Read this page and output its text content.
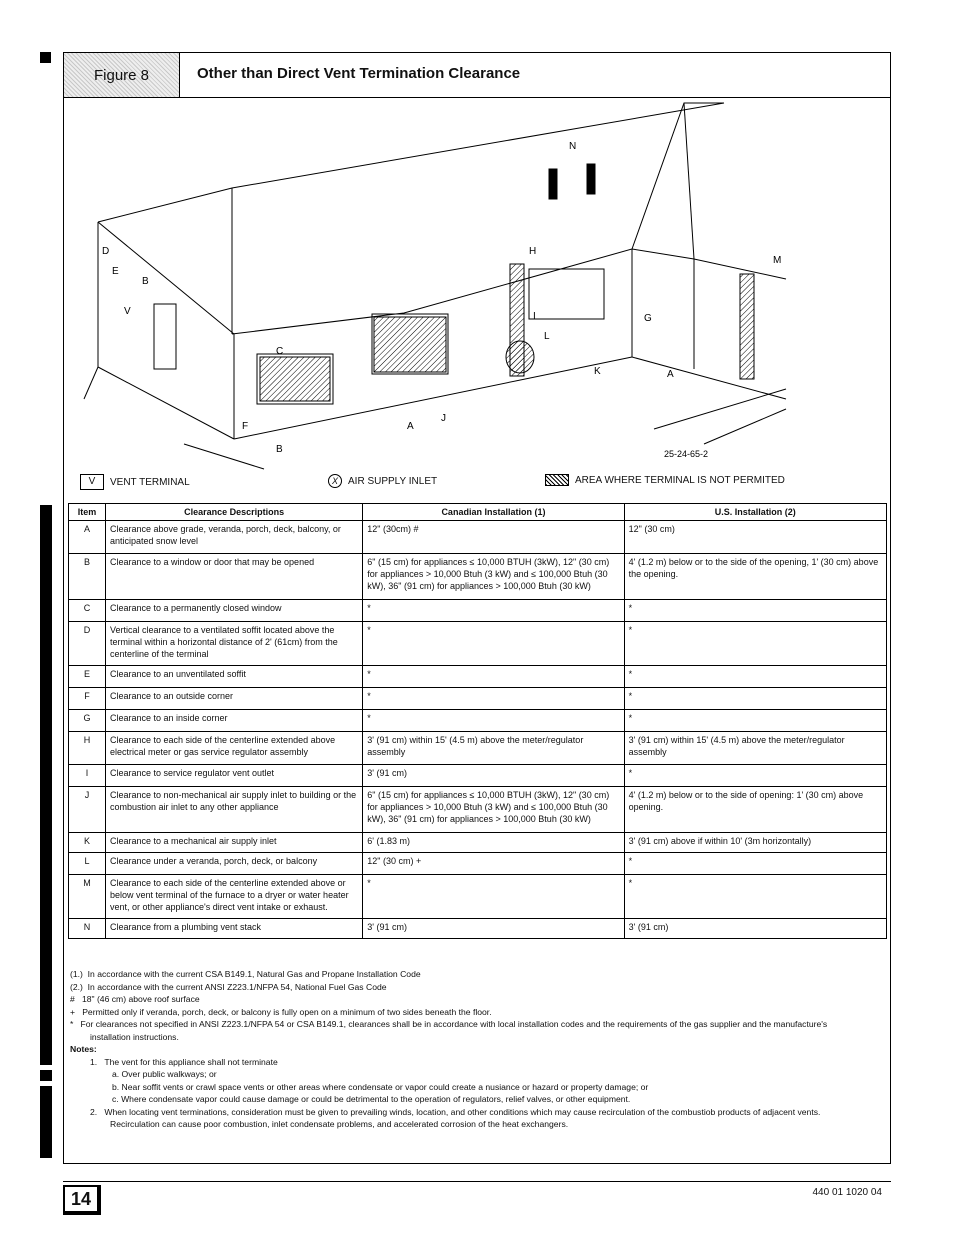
Figure 8	Other than Direct Vent Termination Clearance
N
H
M
D
E
B
V
C
F
B
A
J
I
L
K
G
A
25-24-65-2
V	VENT TERMINAL	X	AIR SUPPLY INLET	AREA WHERE TERMINAL IS NOT PERMITED
Item	Clearance Descriptions	Canadian Installation (1)	U.S. Installation (2)
A	Clearance above grade, veranda, porch, deck, balcony, or anticipated snow level	12" (30cm) #	12" (30 cm)
B	Clearance to a window or door that may be opened	6" (15 cm) for appliances ≤ 10,000 BTUH (3kW), 12" (30 cm) for appliances > 10,000 Btuh (3 kW) and ≤ 100,000 Btuh (30 kW), 36" (91 cm) for appliances > 100,000 Btuh (30 kW)	4' (1.2 m) below or to the side of the opening, 1' (30 cm) above the opening.
C	Clearance to a permanently closed window	*	*
D	Vertical clearance to a ventilated soffit located above the terminal within a horizontal distance of 2' (61cm) from the centerline of the terminal	*	*
E	Clearance to an unventilated soffit	*	*
F	Clearance to an outside corner	*	*
G	Clearance to an inside corner	*	*
H	Clearance to each side of the centerline extended above electrical meter or gas service regulator assembly	3' (91 cm) within 15' (4.5 m) above the meter/regulator assembly	3' (91 cm) within 15' (4.5 m) above the meter/regulator assembly
I	Clearance to service regulator vent outlet	3' (91 cm)	*
J	Clearance to non-mechanical air supply inlet to building or the combustion air inlet to any other appliance	6" (15 cm) for appliances ≤ 10,000 BTUH (3kW), 12" (30 cm) for appliances > 10,000 Btuh (3 kW) and ≤ 100,000 Btuh (30 kW), 36" (91 cm) for appliances > 100,000 Btuh (30 kW)	4' (1.2 m) below or to the side of opening: 1' (30 cm) above opening.
K	Clearance to a mechanical air supply inlet	6' (1.83 m)	3' (91 cm) above if within 10' (3m horizontally)
L	Clearance under a veranda, porch, deck, or balcony	12" (30 cm) +	*
M	Clearance to each side of the centerline extended above or below vent terminal of the furnace to a dryer or water heater vent, or other appliance's direct vent intake or exhaust.	*	*
N	Clearance from a plumbing vent stack	3' (91 cm)	3' (91 cm)
(1.) In accordance with the current CSA B149.1, Natural Gas and Propane Installation Code
(2.) In accordance with the current ANSI Z223.1/NFPA 54, National Fuel Gas Code
# 18" (46 cm) above roof surface
+ Permitted only if veranda, porch, deck, or balcony is fully open on a minimum of two sides beneath the floor.
* For clearances not specified in ANSI Z223.1/NFPA 54 or CSA B149.1, clearances shall be in accordance with local installation codes and the requirements of the gas supplier and the manufacture's
installation instructions.
Notes:
1. The vent for this appliance shall not terminate
a. Over public walkways; or
b. Near soffit vents or crawl space vents or other areas where condensate or vapor could create a nusiance or hazard or property damage; or
c. Where condensate vapor could cause damage or could be detrimental to the operation of regulators, relief valves, or other equipment.
2. When locating vent terminations, consideration must be given to prevailing winds, location, and other conditions which may cause recirculation of the combustiob products of adjacent vents.
Recirculation can cause poor combustion, inlet condensate problems, and accelerated corrosion of the heat exchangers.
14	440 01 1020 04
